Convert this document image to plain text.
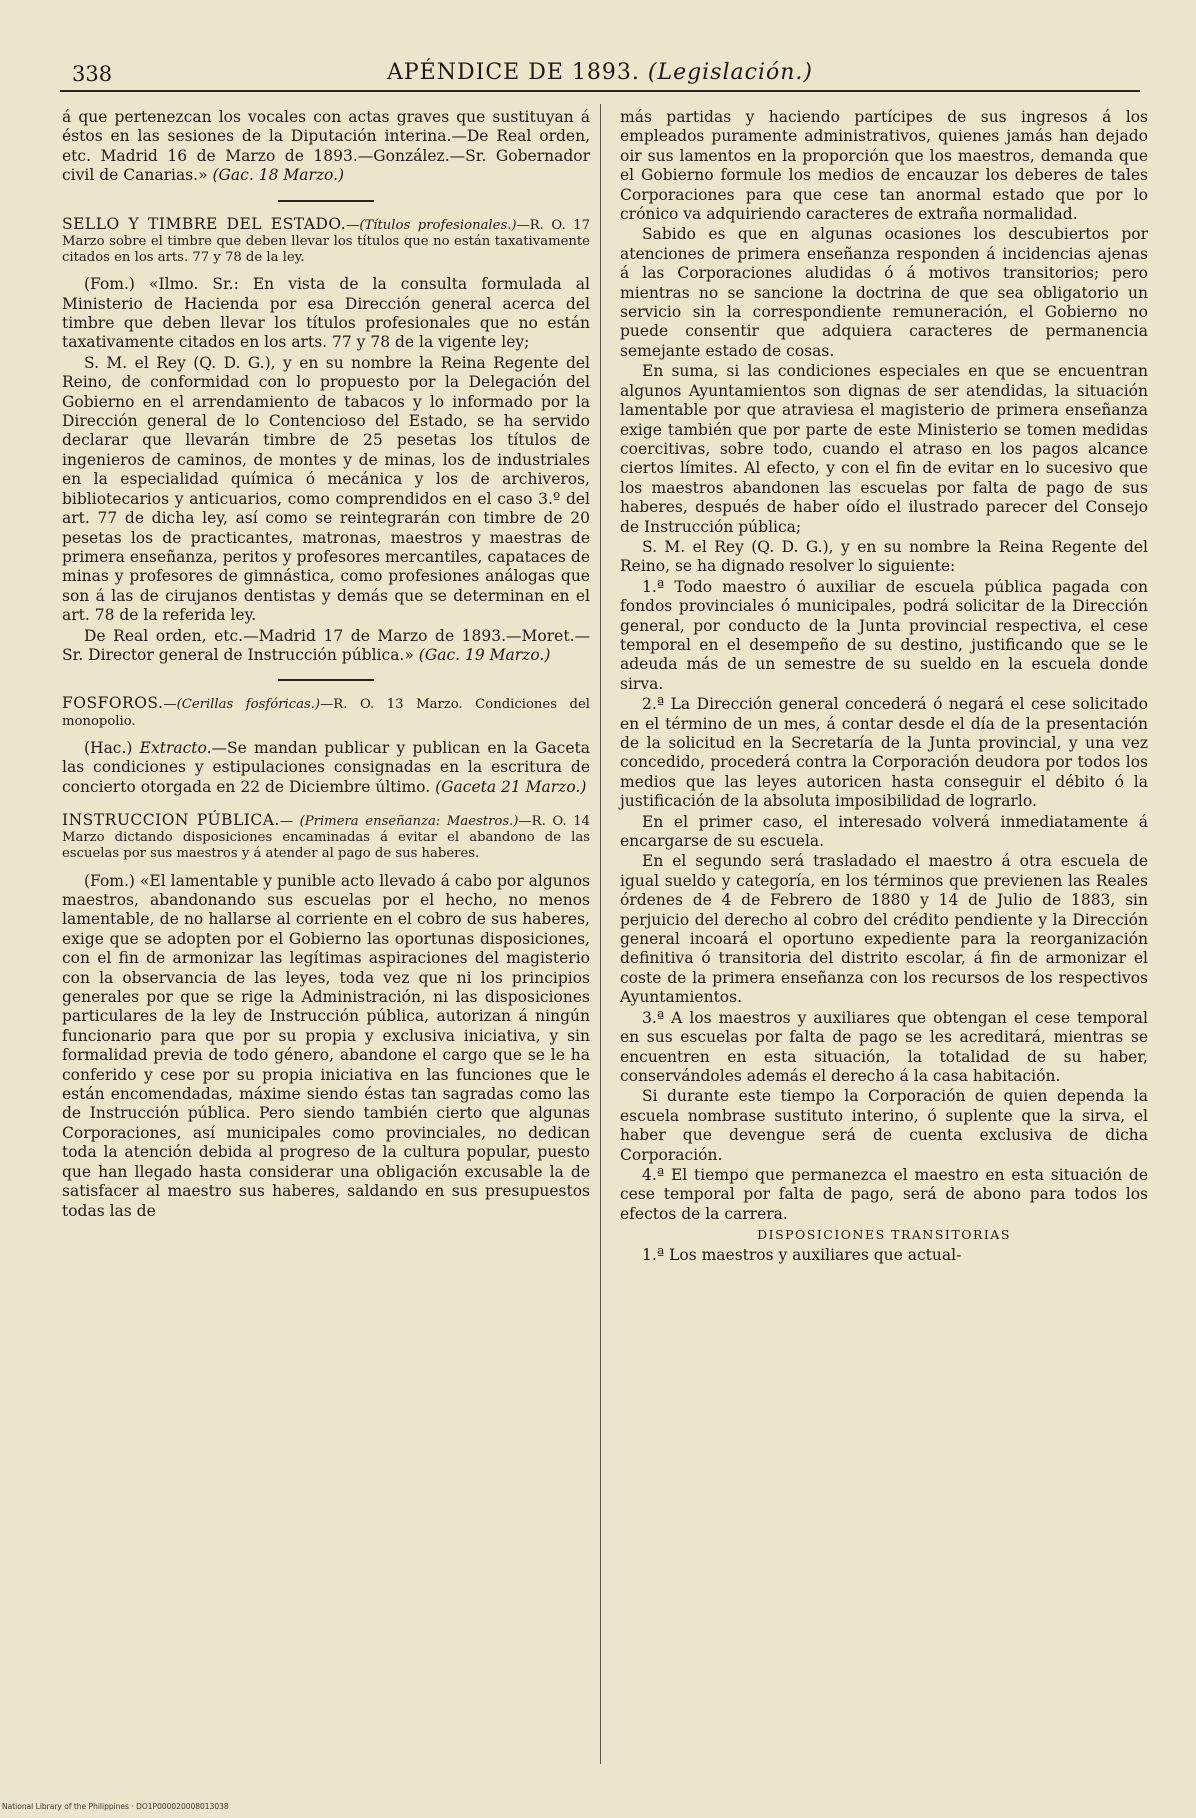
338	APÉNDICE DE 1893. (Legislación.)

á que pertenezcan los vocales con actas graves que sustituyan á éstos en las sesiones de la Diputación interina.—De Real orden, etc. Madrid 16 de Marzo de 1893.—González.—Sr. Gobernador civil de Canarias.» (Gac. 18 Marzo.)

SELLO Y TIMBRE DEL ESTADO.—(Títulos profesionales.)—R. O. 17 Marzo sobre el timbre que deben llevar los títulos que no están taxativamente citados en los arts. 77 y 78 de la ley.

(Fom.) «Ilmo. Sr.: En vista de la consulta formulada al Ministerio de Hacienda por esa Dirección general acerca del timbre que deben llevar los títulos profesionales que no están taxativamente citados en los arts. 77 y 78 de la vigente ley;

S. M. el Rey (Q. D. G.), y en su nombre la Reina Regente del Reino, de conformidad con lo propuesto por la Delegación del Gobierno en el arrendamiento de tabacos y lo informado por la Dirección general de lo Contencioso del Estado, se ha servido declarar que llevarán timbre de 25 pesetas los títulos de ingenieros de caminos, de montes y de minas, los de industriales en la especialidad química ó mecánica y los de archiveros, bibliotecarios y anticuarios, como comprendidos en el caso 3.º del art. 77 de dicha ley, así como se reintegrarán con timbre de 20 pesetas los de practicantes, matronas, maestros y maestras de primera enseñanza, peritos y profesores mercantiles, capataces de minas y profesores de gimnástica, como profesiones análogas que son á las de cirujanos dentistas y demás que se determinan en el art. 78 de la referida ley.

De Real orden, etc.—Madrid 17 de Marzo de 1893.—Moret.—Sr. Director general de Instrucción pública.» (Gac. 19 Marzo.)

FOSFOROS.—(Cerillas fosfóricas.)—R. O. 13 Marzo. Condiciones del monopolio.

(Hac.) Extracto.—Se mandan publicar y publican en la Gaceta las condiciones y estipulaciones consignadas en la escritura de concierto otorgada en 22 de Diciembre último. (Gaceta 21 Marzo.)

INSTRUCCION PÚBLICA.— (Primera enseñanza: Maestros.)—R. O. 14 Marzo dictando disposiciones encaminadas á evitar el abandono de las escuelas por sus maestros y á atender al pago de sus haberes.

(Fom.) «El lamentable y punible acto llevado á cabo por algunos maestros, abandonando sus escuelas por el hecho, no menos lamentable, de no hallarse al corriente en el cobro de sus haberes, exige que se adopten por el Gobierno las oportunas disposiciones, con el fin de armonizar las legítimas aspiraciones del magisterio con la observancia de las leyes, toda vez que ni los principios generales por que se rige la Administración, ni las disposiciones particulares de la ley de Instrucción pública, autorizan á ningún funcionario para que por su propia y exclusiva iniciativa, y sin formalidad previa de todo género, abandone el cargo que se le ha conferido y cese por su propia iniciativa en las funciones que le están encomendadas, máxime siendo éstas tan sagradas como las de Instrucción pública. Pero siendo también cierto que algunas Corporaciones, así municipales como provinciales, no dedican toda la atención debida al progreso de la cultura popular, puesto que han llegado hasta considerar una obligación excusable la de satisfacer al maestro sus haberes, saldando en sus presupuestos todas las de

más partidas y haciendo partícipes de sus ingresos á los empleados puramente administrativos, quienes jamás han dejado oir sus lamentos en la proporción que los maestros, demanda que el Gobierno formule los medios de encauzar los deberes de tales Corporaciones para que cese tan anormal estado que por lo crónico va adquiriendo caracteres de extraña normalidad.

Sabido es que en algunas ocasiones los descubiertos por atenciones de primera enseñanza responden á incidencias ajenas á las Corporaciones aludidas ó á motivos transitorios; pero mientras no se sancione la doctrina de que sea obligatorio un servicio sin la correspondiente remuneración, el Gobierno no puede consentir que adquiera caracteres de permanencia semejante estado de cosas.

En suma, si las condiciones especiales en que se encuentran algunos Ayuntamientos son dignas de ser atendidas, la situación lamentable por que atraviesa el magisterio de primera enseñanza exige también que por parte de este Ministerio se tomen medidas coercitivas, sobre todo, cuando el atraso en los pagos alcance ciertos límites. Al efecto, y con el fin de evitar en lo sucesivo que los maestros abandonen las escuelas por falta de pago de sus haberes, después de haber oído el ilustrado parecer del Consejo de Instrucción pública;

S. M. el Rey (Q. D. G.), y en su nombre la Reina Regente del Reino, se ha dignado resolver lo siguiente:

1.ª Todo maestro ó auxiliar de escuela pública pagada con fondos provinciales ó municipales, podrá solicitar de la Dirección general, por conducto de la Junta provincial respectiva, el cese temporal en el desempeño de su destino, justificando que se le adeuda más de un semestre de su sueldo en la escuela donde sirva.

2.ª La Dirección general concederá ó negará el cese solicitado en el término de un mes, á contar desde el día de la presentación de la solicitud en la Secretaría de la Junta provincial, y una vez concedido, procederá contra la Corporación deudora por todos los medios que las leyes autoricen hasta conseguir el débito ó la justificación de la absoluta imposibilidad de lograrlo.

En el primer caso, el interesado volverá inmediatamente á encargarse de su escuela.

En el segundo será trasladado el maestro á otra escuela de igual sueldo y categoría, en los términos que previenen las Reales órdenes de 4 de Febrero de 1880 y 14 de Julio de 1883, sin perjuicio del derecho al cobro del crédito pendiente y la Dirección general incoará el oportuno expediente para la reorganización definitiva ó transitoria del distrito escolar, á fin de armonizar el coste de la primera enseñanza con los recursos de los respectivos Ayuntamientos.

3.ª A los maestros y auxiliares que obtengan el cese temporal en sus escuelas por falta de pago se les acreditará, mientras se encuentren en esta situación, la totalidad de su haber, conservándoles además el derecho á la casa habitación.

Si durante este tiempo la Corporación de quien dependa la escuela nombrase sustituto interino, ó suplente que la sirva, el haber que devengue será de cuenta exclusiva de dicha Corporación.

4.ª El tiempo que permanezca el maestro en esta situación de cese temporal por falta de pago, será de abono para todos los efectos de la carrera.

DISPOSICIONES TRANSITORIAS

1.ª Los maestros y auxiliares que actual-

National Library of the Philippines · DO1P000020008013038
